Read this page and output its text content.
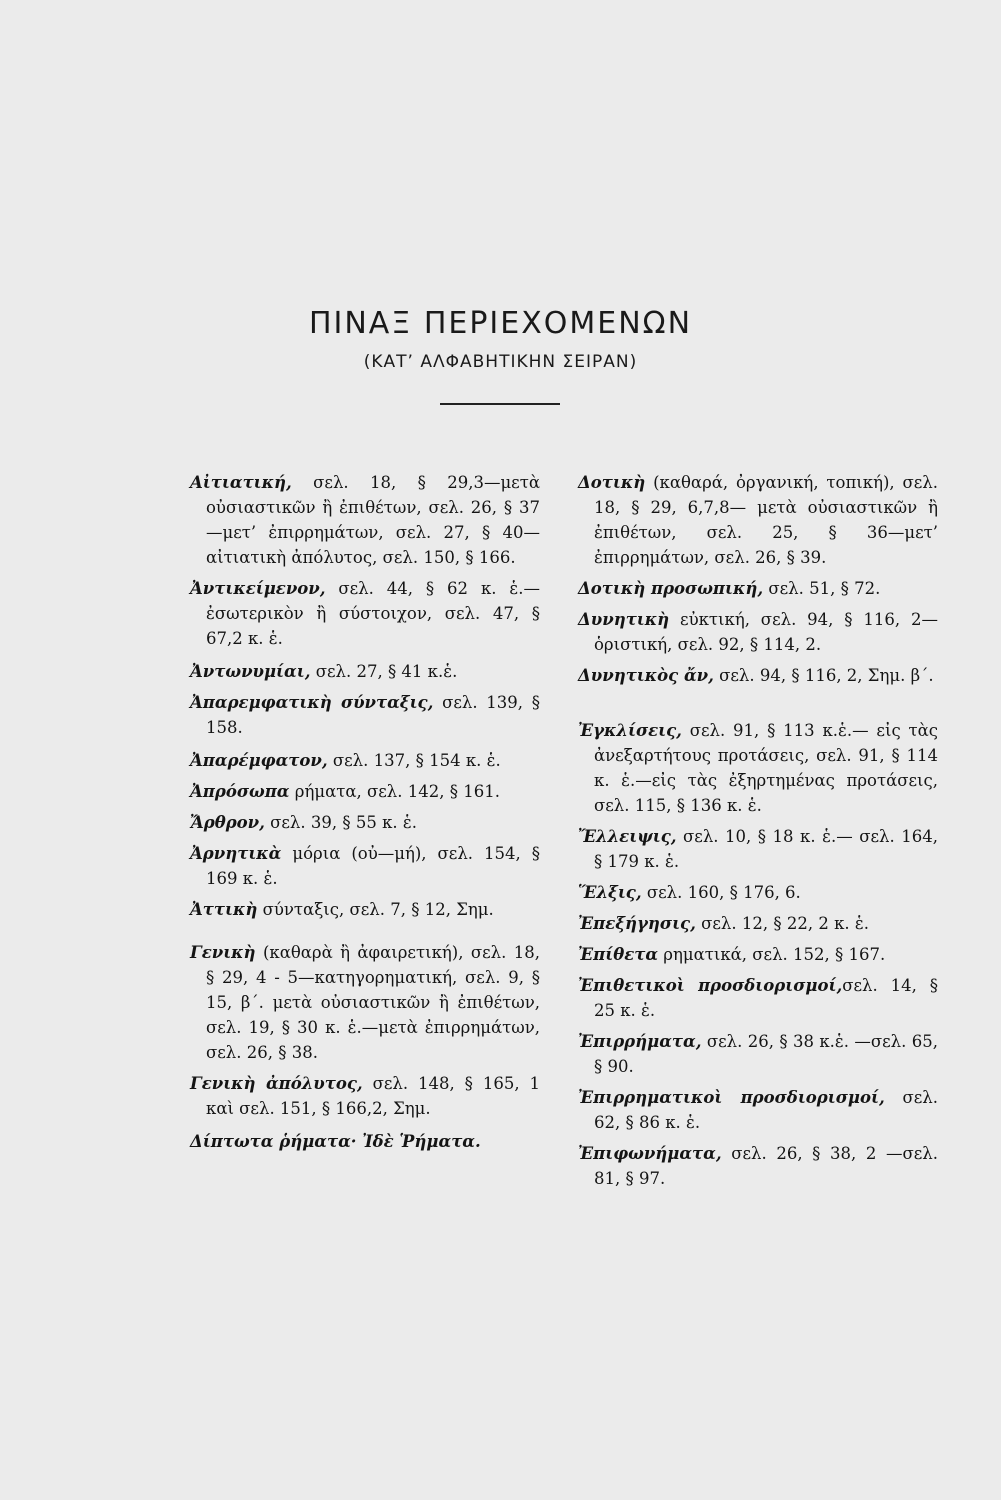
ΠΙΝΑΞ ΠΕΡΙΕΧΟΜΕΝΩΝ
(ΚΑΤ’ ΑΛΦΑΒΗΤΙΚΗΝ ΣΕΙΡΑΝ)

Αἰτιατική, σελ. 18, § 29,3—μετὰ οὐσιαστικῶν ἢ ἐπιθέτων, σελ. 26, § 37—μετ’ ἐπιρρημάτων, σελ. 27, § 40—αἰτιατικὴ ἀπόλυτος, σελ. 150, § 166.

Ἀντικείμενον, σελ. 44, § 62 κ. ἑ.—ἐσωτερικὸν ἢ σύστοιχον, σελ. 47, § 67,2 κ. ἑ.

Ἀντωνυμίαι, σελ. 27, § 41 κ.ἑ.

Ἀπαρεμφατικὴ σύνταξις, σελ. 139, § 158.

Ἀπαρέμφατον, σελ. 137, § 154 κ. ἑ.

Ἀπρόσωπα ρήματα, σελ. 142, § 161.

Ἄρθρον, σελ. 39, § 55 κ. ἑ.

Ἀρνητικὰ μόρια (οὐ—μή), σελ. 154, § 169 κ. ἑ.

Ἀττικὴ σύνταξις, σελ. 7, § 12, Σημ.

Γενικὴ (καθαρὰ ἢ ἀφαιρετική), σελ. 18, § 29, 4 - 5—κατηγορηματική, σελ. 9, § 15, β΄. μετὰ οὐσιαστικῶν ἢ ἐπιθέτων, σελ. 19, § 30 κ. ἑ.—μετὰ ἐπιρρημάτων, σελ. 26, § 38.

Γενικὴ ἀπόλυτος, σελ. 148, § 165, 1 καὶ σελ. 151, § 166,2, Σημ.

Δίπτωτα ῥήματα· Ἰδὲ Ῥήματα.

Δοτικὴ (καθαρά, ὀργανική, τοπική), σελ. 18, § 29, 6,7,8— μετὰ οὐσιαστικῶν ἢ ἐπιθέτων, σελ. 25, § 36—μετ’ ἐπιρρημάτων, σελ. 26, § 39.

Δοτικὴ προσωπική, σελ. 51, § 72.

Δυνητικὴ εὐκτική, σελ. 94, § 116, 2—ὁριστική, σελ. 92, § 114, 2.

Δυνητικὸς ἄν, σελ. 94, § 116, 2, Σημ. β΄.

Ἐγκλίσεις, σελ. 91, § 113 κ.ἑ.— εἰς τὰς ἀνεξαρτήτους προτάσεις, σελ. 91, § 114 κ. ἑ.—εἰς τὰς ἐξηρτημένας προτάσεις, σελ. 115, § 136 κ. ἑ.

Ἔλλειψις, σελ. 10, § 18 κ. ἑ.— σελ. 164, § 179 κ. ἑ.

Ἕλξις, σελ. 160, § 176, 6.

Ἐπεξήγησις, σελ. 12, § 22, 2 κ. ἑ.

Ἐπίθετα ρηματικά, σελ. 152, § 167.

Ἐπιθετικοὶ προσδιορισμοί,σελ. 14, § 25 κ. ἑ.

Ἐπιρρήματα, σελ. 26, § 38 κ.ἑ. —σελ. 65, § 90.

Ἐπιρρηματικοὶ προσδιορισμοί, σελ. 62, § 86 κ. ἑ.

Ἐπιφωνήματα, σελ. 26, § 38, 2 —σελ. 81, § 97.
